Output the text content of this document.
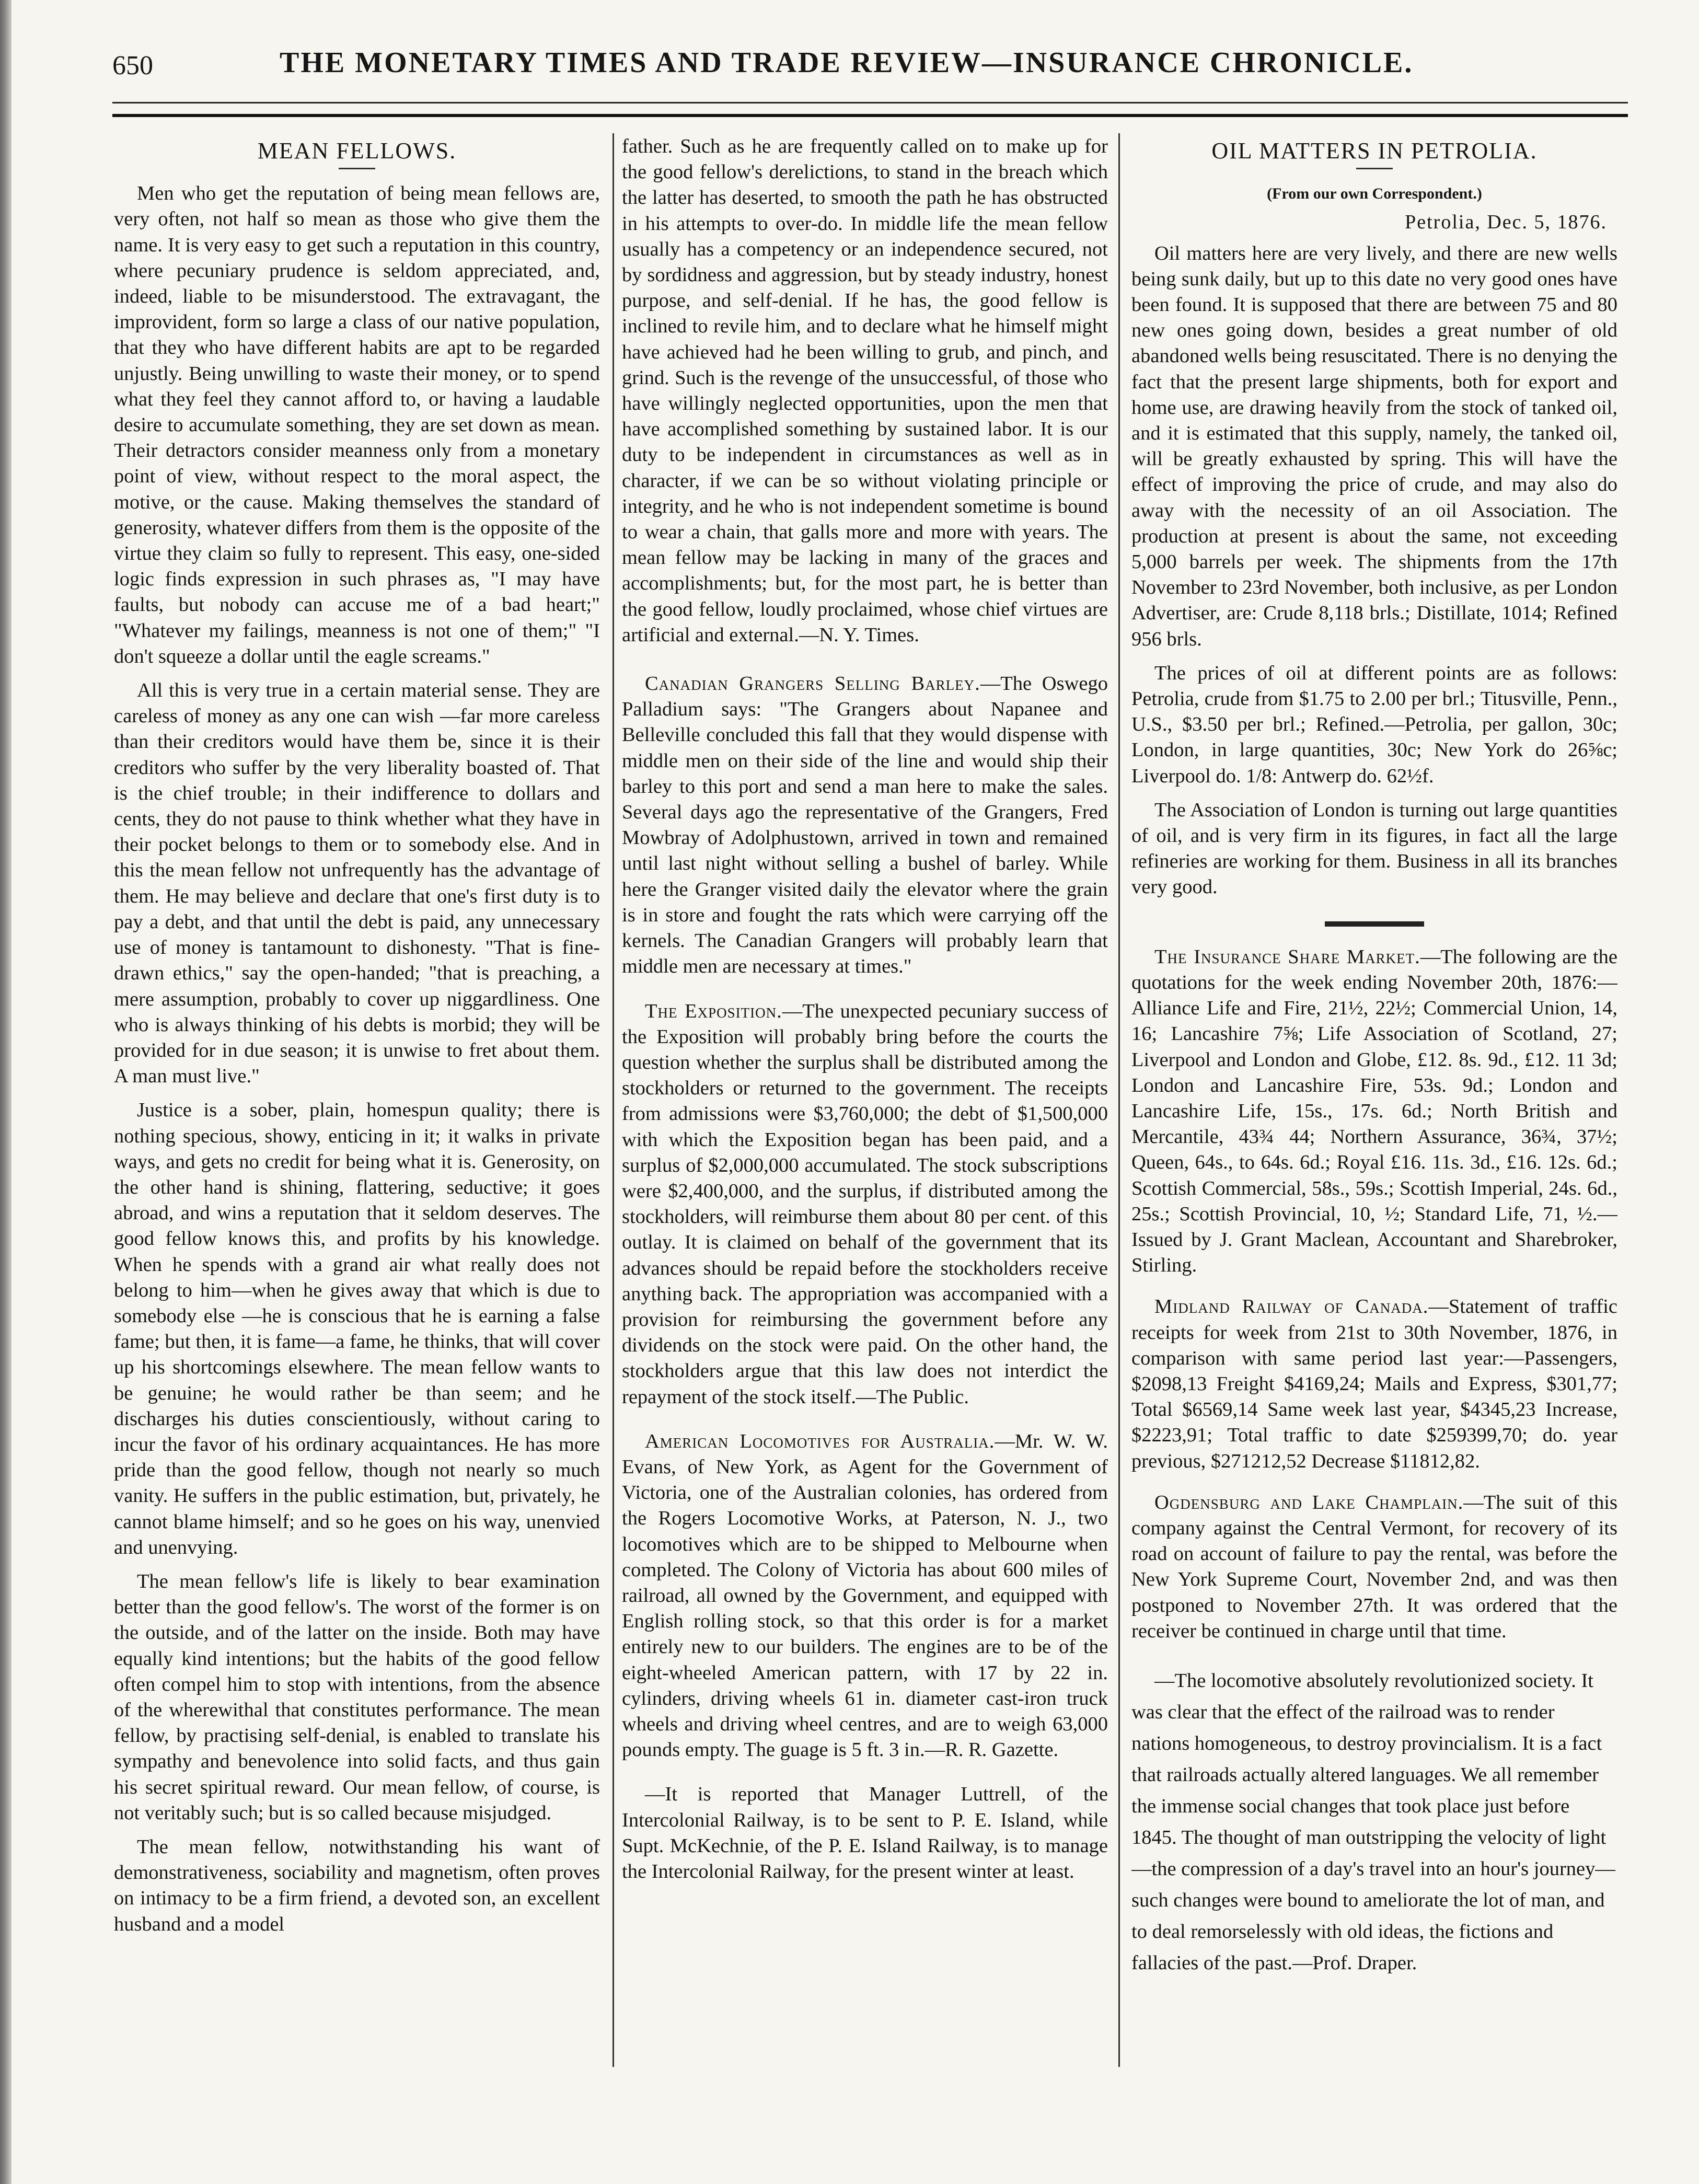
650	THE MONETARY TIMES AND TRADE REVIEW—INSURANCE CHRONICLE.
MEAN FELLOWS.

Men who get the reputation of being mean fellows are, very often, not half so mean as those who give them the name. It is very easy to get such a reputation in this country, where pecuniary prudence is seldom appreciated, and, indeed, liable to be misunderstood. The extravagant, the improvident, form so large a class of our native population, that they who have different habits are apt to be regarded unjustly. Being unwilling to waste their money, or to spend what they feel they cannot afford to, or having a laudable desire to accumulate something, they are set down as mean. Their detractors consider meanness only from a monetary point of view, without respect to the moral aspect, the motive, or the cause. Making themselves the standard of generosity, whatever differs from them is the opposite of the virtue they claim so fully to represent. This easy, one-sided logic finds expression in such phrases as, "I may have faults, but nobody can accuse me of a bad heart;" "Whatever my failings, meanness is not one of them;" "I don't squeeze a dollar until the eagle screams."

All this is very true in a certain material sense. They are careless of money as any one can wish —far more careless than their creditors would have them be, since it is their creditors who suffer by the very liberality boasted of. That is the chief trouble; in their indifference to dollars and cents, they do not pause to think whether what they have in their pocket belongs to them or to somebody else. And in this the mean fellow not unfrequently has the advantage of them. He may believe and declare that one's first duty is to pay a debt, and that until the debt is paid, any unnecessary use of money is tantamount to dishonesty. "That is fine-drawn ethics," say the open-handed; "that is preaching, a mere assumption, probably to cover up niggardliness. One who is always thinking of his debts is morbid; they will be provided for in due season; it is unwise to fret about them. A man must live."

Justice is a sober, plain, homespun quality; there is nothing specious, showy, enticing in it; it walks in private ways, and gets no credit for being what it is. Generosity, on the other hand is shining, flattering, seductive; it goes abroad, and wins a reputation that it seldom deserves. The good fellow knows this, and profits by his knowledge. When he spends with a grand air what really does not belong to him—when he gives away that which is due to somebody else —he is conscious that he is earning a false fame; but then, it is fame—a fame, he thinks, that will cover up his shortcomings elsewhere. The mean fellow wants to be genuine; he would rather be than seem; and he discharges his duties conscientiously, without caring to incur the favor of his ordinary acquaintances. He has more pride than the good fellow, though not nearly so much vanity. He suffers in the public estimation, but, privately, he cannot blame himself; and so he goes on his way, unenvied and unenvying.

The mean fellow's life is likely to bear examination better than the good fellow's. The worst of the former is on the outside, and of the latter on the inside. Both may have equally kind intentions; but the habits of the good fellow often compel him to stop with intentions, from the absence of the wherewithal that constitutes performance. The mean fellow, by practising self-denial, is enabled to translate his sympathy and benevolence into solid facts, and thus gain his secret spiritual reward. Our mean fellow, of course, is not veritably such; but is so called because misjudged.

The mean fellow, notwithstanding his want of demonstrativeness, sociability and magnetism, often proves on intimacy to be a firm friend, a devoted son, an excellent husband and a model

father. Such as he are frequently called on to make up for the good fellow's derelictions, to stand in the breach which the latter has deserted, to smooth the path he has obstructed in his attempts to over-do. In middle life the mean fellow usually has a competency or an independence secured, not by sordidness and aggression, but by steady industry, honest purpose, and self-denial. If he has, the good fellow is inclined to revile him, and to declare what he himself might have achieved had he been willing to grub, and pinch, and grind. Such is the revenge of the unsuccessful, of those who have willingly neglected opportunities, upon the men that have accomplished something by sustained labor. It is our duty to be independent in circumstances as well as in character, if we can be so without violating principle or integrity, and he who is not independent sometime is bound to wear a chain, that galls more and more with years. The mean fellow may be lacking in many of the graces and accomplishments; but, for the most part, he is better than the good fellow, loudly proclaimed, whose chief virtues are artificial and external.—N. Y. Times.

Canadian Grangers Selling Barley.—The Oswego Palladium says: "The Grangers about Napanee and Belleville concluded this fall that they would dispense with middle men on their side of the line and would ship their barley to this port and send a man here to make the sales. Several days ago the representative of the Grangers, Fred Mowbray of Adolphustown, arrived in town and remained until last night without selling a bushel of barley. While here the Granger visited daily the elevator where the grain is in store and fought the rats which were carrying off the kernels. The Canadian Grangers will probably learn that middle men are necessary at times."

The Exposition.—The unexpected pecuniary success of the Exposition will probably bring before the courts the question whether the surplus shall be distributed among the stockholders or returned to the government. The receipts from admissions were $3,760,000; the debt of $1,500,000 with which the Exposition began has been paid, and a surplus of $2,000,000 accumulated. The stock subscriptions were $2,400,000, and the surplus, if distributed among the stockholders, will reimburse them about 80 per cent. of this outlay. It is claimed on behalf of the government that its advances should be repaid before the stockholders receive anything back. The appropriation was accompanied with a provision for reimbursing the government before any dividends on the stock were paid. On the other hand, the stockholders argue that this law does not interdict the repayment of the stock itself.—The Public.

American Locomotives for Australia.—Mr. W. W. Evans, of New York, as Agent for the Government of Victoria, one of the Australian colonies, has ordered from the Rogers Locomotive Works, at Paterson, N. J., two locomotives which are to be shipped to Melbourne when completed. The Colony of Victoria has about 600 miles of railroad, all owned by the Government, and equipped with English rolling stock, so that this order is for a market entirely new to our builders. The engines are to be of the eight-wheeled American pattern, with 17 by 22 in. cylinders, driving wheels 61 in. diameter cast-iron truck wheels and driving wheel centres, and are to weigh 63,000 pounds empty. The guage is 5 ft. 3 in.—R. R. Gazette.

—It is reported that Manager Luttrell, of the Intercolonial Railway, is to be sent to P. E. Island, while Supt. McKechnie, of the P. E. Island Railway, is to manage the Intercolonial Railway, for the present winter at least.

OIL MATTERS IN PETROLIA.
(From our own Correspondent.)
Petrolia, Dec. 5, 1876.

Oil matters here are very lively, and there are new wells being sunk daily, but up to this date no very good ones have been found. It is supposed that there are between 75 and 80 new ones going down, besides a great number of old abandoned wells being resuscitated. There is no denying the fact that the present large shipments, both for export and home use, are drawing heavily from the stock of tanked oil, and it is estimated that this supply, namely, the tanked oil, will be greatly exhausted by spring. This will have the effect of improving the price of crude, and may also do away with the necessity of an oil Association. The production at present is about the same, not exceeding 5,000 barrels per week. The shipments from the 17th November to 23rd November, both inclusive, as per London Advertiser, are: Crude 8,118 brls.; Distillate, 1014; Refined 956 brls.

The prices of oil at different points are as follows: Petrolia, crude from $1.75 to 2.00 per brl.; Titusville, Penn., U.S., $3.50 per brl.; Refined.—Petrolia, per gallon, 30c; London, in large quantities, 30c; New York do 26⅝c; Liverpool do. 1/8: Antwerp do. 62½f.

The Association of London is turning out large quantities of oil, and is very firm in its figures, in fact all the large refineries are working for them. Business in all its branches very good.

The Insurance Share Market.—The following are the quotations for the week ending November 20th, 1876:—Alliance Life and Fire, 21½, 22½; Commercial Union, 14, 16; Lancashire 7⅝; Life Association of Scotland, 27; Liverpool and London and Globe, £12. 8s. 9d., £12. 11 3d; London and Lancashire Fire, 53s. 9d.; London and Lancashire Life, 15s., 17s. 6d.; North British and Mercantile, 43¾ 44; Northern Assurance, 36¾, 37½; Queen, 64s., to 64s. 6d.; Royal £16. 11s. 3d., £16. 12s. 6d.; Scottish Commercial, 58s., 59s.; Scottish Imperial, 24s. 6d., 25s.; Scottish Provincial, 10, ½; Standard Life, 71, ½.—Issued by J. Grant Maclean, Accountant and Sharebroker, Stirling.

Midland Railway of Canada.—Statement of traffic receipts for week from 21st to 30th November, 1876, in comparison with same period last year:—Passengers, $2098,13 Freight $4169,24; Mails and Express, $301,77; Total $6569,14 Same week last year, $4345,23 Increase, $2223,91; Total traffic to date $259399,70; do. year previous, $271212,52 Decrease $11812,82.

Ogdensburg and Lake Champlain.—The suit of this company against the Central Vermont, for recovery of its road on account of failure to pay the rental, was before the New York Supreme Court, November 2nd, and was then postponed to November 27th. It was ordered that the receiver be continued in charge until that time.

—The locomotive absolutely revolutionized society. It was clear that the effect of the railroad was to render nations homogeneous, to destroy provincialism. It is a fact that railroads actually altered languages. We all remember the immense social changes that took place just before 1845. The thought of man outstripping the velocity of light—the compression of a day's travel into an hour's journey—such changes were bound to ameliorate the lot of man, and to deal remorselessly with old ideas, the fictions and fallacies of the past.—Prof. Draper.
